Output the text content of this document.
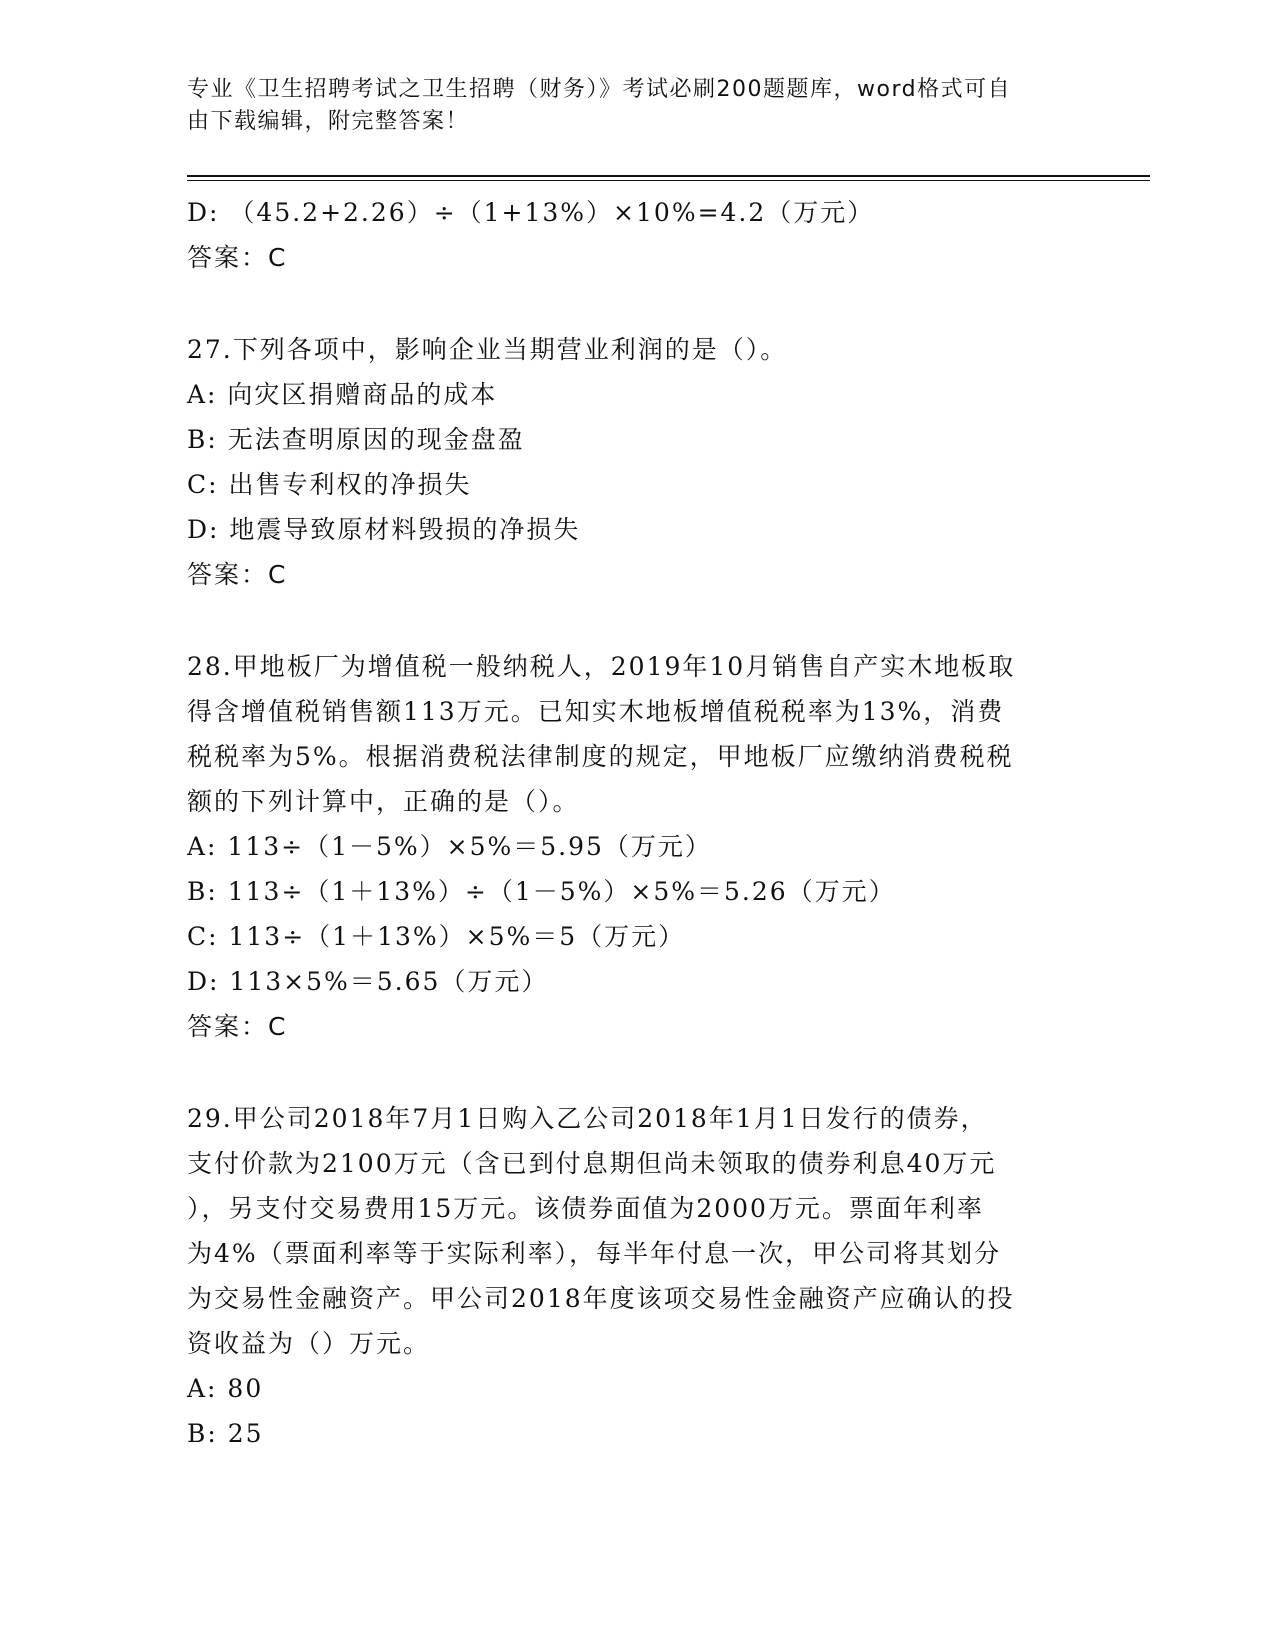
专业《卫生招聘考试之卫生招聘（财务）》考试必刷200题题库，word格式可自
由下载编辑，附完整答案！
D: （45.2+2.26）÷（1+13%）×10%=4.2（万元）
答案：C
27.下列各项中，影响企业当期营业利润的是（）。
A: 向灾区捐赠商品的成本
B: 无法查明原因的现金盘盈
C: 出售专利权的净损失
D: 地震导致原材料毁损的净损失
答案：C
28.甲地板厂为增值税一般纳税人，2019年10月销售自产实木地板取
得含增值税销售额113万元。已知实木地板增值税税率为13%，消费
税税率为5%。根据消费税法律制度的规定，甲地板厂应缴纳消费税税
额的下列计算中，正确的是（）。
A: 113÷（1－5%）×5%＝5.95（万元）
B: 113÷（1＋13%）÷（1－5%）×5%＝5.26（万元）
C: 113÷（1＋13%）×5%＝5（万元）
D: 113×5%＝5.65（万元）
答案：C
29.甲公司2018年7月1日购入乙公司2018年1月1日发行的债券，
支付价款为2100万元（含已到付息期但尚未领取的债券利息40万元
），另支付交易费用15万元。该债券面值为2000万元。票面年利率
为4%（票面利率等于实际利率），每半年付息一次，甲公司将其划分
为交易性金融资产。甲公司2018年度该项交易性金融资产应确认的投
资收益为（）万元。
A: 80
B: 25
